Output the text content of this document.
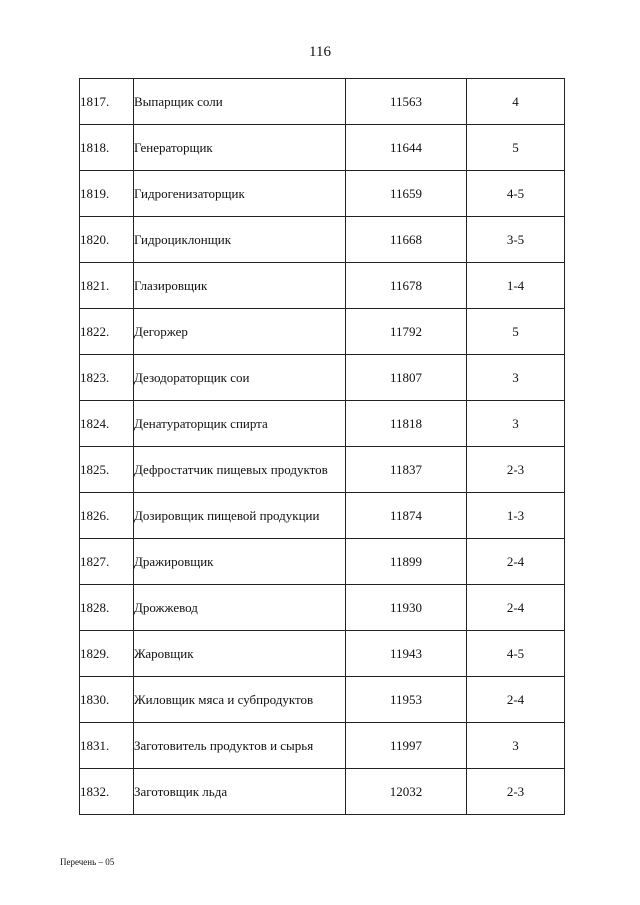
116
1817.	Выпарщик соли	11563	4
1818.	Генераторщик	11644	5
1819.	Гидрогенизаторщик	11659	4-5
1820.	Гидроциклонщик	11668	3-5
1821.	Глазировщик	11678	1-4
1822.	Дегоржер	11792	5
1823.	Дезодораторщик сои	11807	3
1824.	Денатураторщик спирта	11818	3
1825.	Дефростатчик пищевых продуктов	11837	2-3
1826.	Дозировщик пищевой продукции	11874	1-3
1827.	Дражировщик	11899	2-4
1828.	Дрожжевод	11930	2-4
1829.	Жаровщик	11943	4-5
1830.	Жиловщик мяса и субпродуктов	11953	2-4
1831.	Заготовитель продуктов и сырья	11997	3
1832.	Заготовщик льда	12032	2-3
Перечень – 05
